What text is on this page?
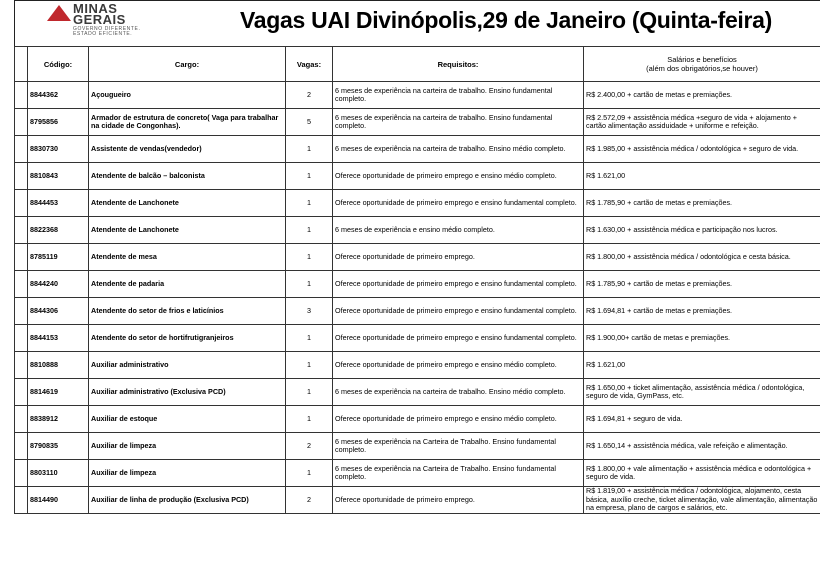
MINAS
GERAIS
GOVERNO DIFERENTE.
ESTADO EFICIENTE.
Vagas UAI Divinópolis,29 de Janeiro (Quinta-feira)
	Código:	Cargo:	Vagas:	Requisitos:	Salários e benefícios
(além dos obrigatórios,se houver)

	8844362	Açougueiro	2	6 meses de experiência na carteira de trabalho. Ensino fundamental completo.	R$ 2.400,00 + cartão de metas e premiações.
	8795856	Armador de estrutura de concreto( Vaga para trabalhar na cidade de Congonhas).	5	6 meses de experiência na carteira de trabalho. Ensino fundamental completo.	R$ 2.572,09 + assistência médica +seguro de vida + alojamento + cartão alimentação assiduidade + uniforme e refeição.
	8830730	Assistente de vendas(vendedor)	1	6 meses de experiência na carteira de trabalho. Ensino médio completo.	R$ 1.985,00 + assistência médica / odontológica + seguro de vida.
	8810843	Atendente de balcão – balconista	1	Oferece oportunidade de primeiro emprego e ensino médio completo.	R$ 1.621,00
	8844453	Atendente de Lanchonete	1	Oferece oportunidade de primeiro emprego e ensino fundamental completo.	R$ 1.785,90 + cartão de metas e premiações.
	8822368	Atendente de Lanchonete	1	6 meses de experiência e ensino médio completo.	R$ 1.630,00 + assistência médica e participação nos lucros.
	8785119	Atendente de mesa	1	Oferece oportunidade de primeiro emprego.	R$ 1.800,00 + assistência médica / odontológica e cesta básica.
	8844240	Atendente de padaria	1	Oferece oportunidade de primeiro emprego e ensino fundamental completo.	R$ 1.785,90 + cartão de metas e premiações.
	8844306	Atendente do setor de frios e laticínios	3	Oferece oportunidade de primeiro emprego e ensino fundamental completo.	R$ 1.694,81 + cartão de metas e premiações.
	8844153	Atendente do setor de hortifrutigranjeiros	1	Oferece oportunidade de primeiro emprego e ensino fundamental completo.	R$ 1.900,00+ cartão de metas e premiações.
	8810888	Auxiliar administrativo	1	Oferece oportunidade de primeiro emprego e ensino médio completo.	R$ 1.621,00
	8814619	Auxiliar administrativo (Exclusiva PCD)	1	6 meses de experiência na carteira de trabalho. Ensino médio completo.	R$ 1.650,00 + ticket alimentação, assistência médica / odontológica, seguro de vida, GymPass, etc.
	8838912	Auxiliar de estoque	1	Oferece oportunidade de primeiro emprego e ensino médio completo.	R$ 1.694,81 + seguro de vida.
	8790835	Auxiliar de limpeza	2	6 meses de experiência na Carteira de Trabalho. Ensino fundamental completo.	R$ 1.650,14 + assistência médica, vale refeição e alimentação.
	8803110	Auxiliar de limpeza	1	6 meses de experiência na Carteira de Trabalho. Ensino fundamental completo.	R$ 1.800,00 + vale alimentação + assistência médica e odontológica + seguro de vida.
	8814490	Auxiliar de linha de produção (Exclusiva PCD)	2	Oferece oportunidade de primeiro emprego.	R$ 1.819,00 + assistência médica / odontológica, alojamento, cesta básica, auxílio creche, ticket alimentação, vale alimentação, alimentação na empresa, plano de cargos e salários, etc.
